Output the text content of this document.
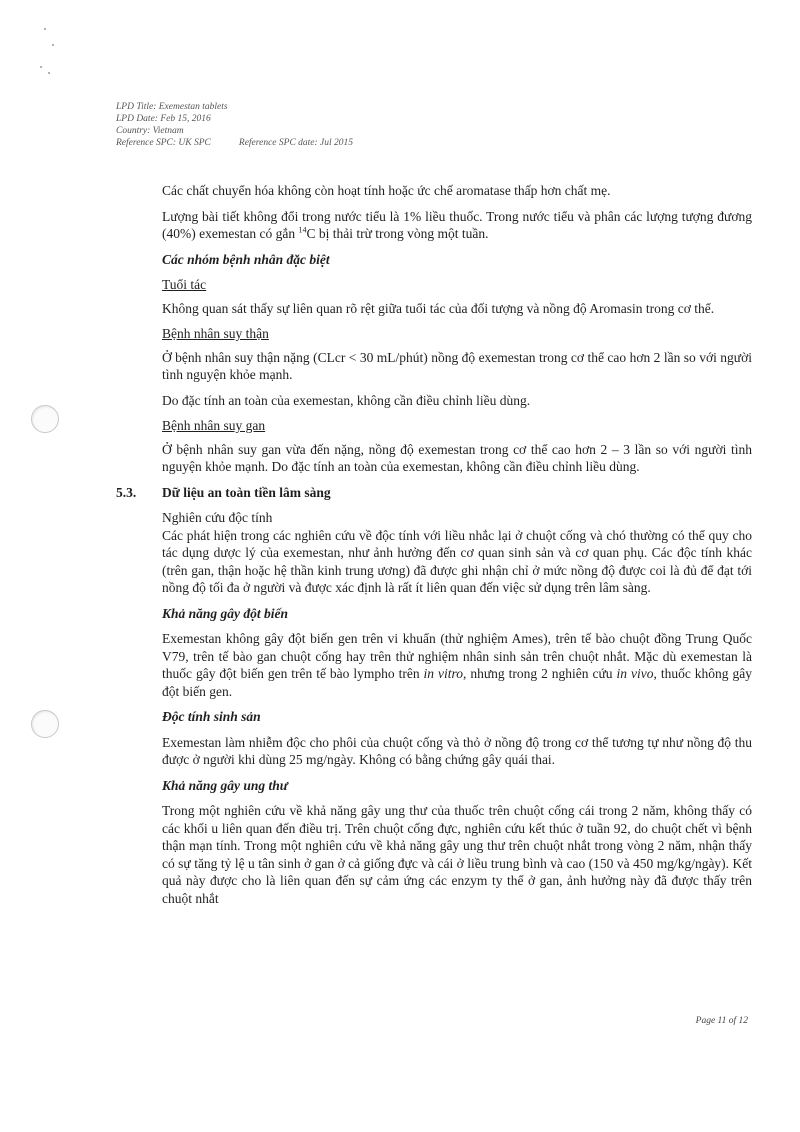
LPD Title: Exemestan tablets
LPD Date: Feb 15, 2016
Country: Vietnam
Reference SPC: UK SPC	Reference SPC date: Jul 2015

Các chất chuyển hóa không còn hoạt tính hoặc ức chế aromatase thấp hơn chất mẹ.

Lượng bài tiết không đổi trong nước tiểu là 1% liều thuốc. Trong nước tiểu và phân các lượng tượng đương (40%) exemestan có gắn $^{14}$C bị thải trừ trong vòng một tuần.

Các nhóm bệnh nhân đặc biệt
Tuổi tác

Không quan sát thấy sự liên quan rõ rệt giữa tuổi tác của đối tượng và nồng độ Aromasin trong cơ thể.

Bệnh nhân suy thận

Ở bệnh nhân suy thận nặng (CLcr < 30 mL/phút) nồng độ exemestan trong cơ thể cao hơn 2 lần so với người tình nguyện khỏe mạnh.

Do đặc tính an toàn của exemestan, không cần điều chỉnh liều dùng.

Bệnh nhân suy gan

Ở bệnh nhân suy gan vừa đến nặng, nồng độ exemestan trong cơ thể cao hơn 2 – 3 lần so với người tình nguyện khỏe mạnh. Do đặc tính an toàn của exemestan, không cần điều chỉnh liều dùng.

5.3. Dữ liệu an toàn tiền lâm sàng
Nghiên cứu độc tính

Các phát hiện trong các nghiên cứu về độc tính với liều nhắc lại ở chuột cống và chó thường có thể quy cho tác dụng dược lý của exemestan, như ảnh hưởng đến cơ quan sinh sản và cơ quan phụ. Các độc tính khác (trên gan, thận hoặc hệ thần kinh trung ương) đã được ghi nhận chỉ ở mức nồng độ được coi là đủ để đạt tới nồng độ tối đa ở người và được xác định là rất ít liên quan đến việc sử dụng trên lâm sàng.

Khả năng gây đột biến

Exemestan không gây đột biến gen trên vi khuẩn (thử nghiệm Ames), trên tế bào chuột đồng Trung Quốc V79, trên tế bào gan chuột cống hay trên thử nghiệm nhân sinh sản trên chuột nhắt. Mặc dù exemestan là thuốc gây đột biến gen trên tế bào lympho trên in vitro, nhưng trong 2 nghiên cứu in vivo, thuốc không gây đột biến gen.

Độc tính sinh sản

Exemestan làm nhiễm độc cho phôi của chuột cống và thỏ ở nồng độ trong cơ thể tương tự như nồng độ thu được ở người khi dùng 25 mg/ngày. Không có bằng chứng gây quái thai.

Khả năng gây ung thư

Trong một nghiên cứu về khả năng gây ung thư của thuốc trên chuột cống cái trong 2 năm, không thấy có các khối u liên quan đến điều trị. Trên chuột cống đực, nghiên cứu kết thúc ở tuần 92, do chuột chết vì bệnh thận mạn tính. Trong một nghiên cứu về khả năng gây ung thư trên chuột nhắt trong vòng 2 năm, nhận thấy có sự tăng tỷ lệ u tân sinh ở gan ở cả giống đực và cái ở liều trung bình và cao (150 và 450 mg/kg/ngày). Kết quả này được cho là liên quan đến sự cảm ứng các enzym ty thể ở gan, ảnh hưởng này đã được thấy trên chuột nhắt

Page 11 of 12
